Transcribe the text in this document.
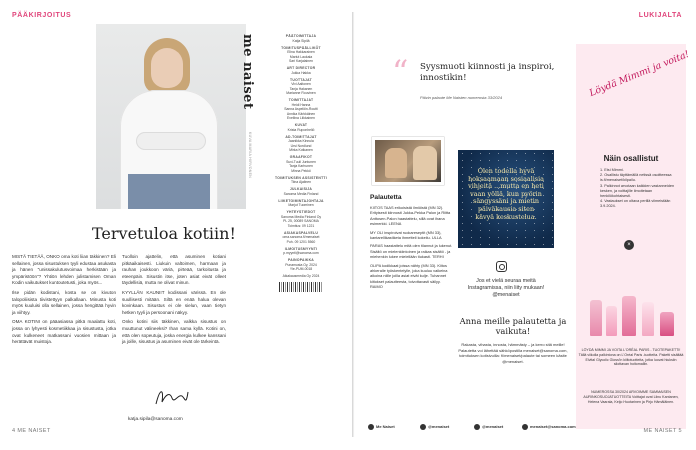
PÄÄKIRJOITUS
KUVA MARIA HIRVONEN
Tervetuloa kotiin!

MISTÄ TIETÄÄ, ONKO oma koti liian täkkinen? Eli sellainen, jossa sisustuksen tyyli edustaa asukasta ja hänen "unissakulutusvoimaa herkistään ja ympäristöön"? Yhtiön lehden julistamisen Oman Kodin vaikutukset kuntoutetusti, joka myös...

Ilse pidän kodistani, kosta se on kivuton talopoliisista tiivistettyyn palkallaan. Minusta koti myös kuuluisi olla sellainen, jossa hengittää hyvin ja viihtyy.

OMA KOTINI on pääasiassa pitkä maalattu koti, jossa on lyhyesti kosmetiikkaa ja sisustusta, jotka ovat kulkeneet matkassani vuosien mittaan ja herättävät muistoja.

Tuolloin ajattelin, että asuminen kotiani pitkäaikaisesti. Liukuin valtoimen, harmaan ja rauhan joukkoon väriä, pirteää, tarkoitusta ja eteenpäin. Sisustin itse, joten asiat eivät olleet täydellisiä, mutta ne olivat minun.

KYYLLÄN KAUNIIT kodissani värissä. En ole suullisesti mitään. Siltä en enää halua olevan kovinkaan. Sisustus ei ole sielun, vaan tietyn hetken tyyli ja persoonani näkyy.

Onko kotini siis täkkinen, valkka sisustus on muuttunut välineeksi? Ihan sama kyllä. Kotini on, että olen sopeutuja, joska energia kulkee kanssani ja joille, sisustus ja asuminen eivät ole tärkeintä.

katja.sipila@sanoma.com
me naiset	PÄÄTOIMITTAJA
Katja Sipilä
TOIMITUSPÄÄLLIKÖT
Elina Hakkarainen
Mariut Laukala
Sari Karjalainen
ART DIRECTOR
Jukka Hakka
TUOTTAJAT
Vivi Aaltonen
Tanja Hakanen
Marianne Rouvinen
TOIMITTAJAT
Heidi Hanna
Sanna Aspelöin-Routti
Annika Kärkkäinen
Eveliina Liikkainen
KUVAT
Krista Ruponheliö
AD-TOIMITTAJAT
Jaanikka Kinnula
Ursi Nordlund
Mirka Kotkanen
GRAAFIKOT
Suvi-Tuuli Juntunen
Tanja Karhunen
Minna Pekkö
TOIMITUKSEN ASSISTENTTI
Tiina Ajalinen
JULKAISIJA
Sanoma Media Finland
LIIKETOIMINTAJOHTAJA
Marjut Tuominen
YHTEYSTIEDOT
Sanoma Media Finland Oy
PL 25, 00089 SANOMA
Toimitus: 09 1221
ASIAKASPALVELU
oma.sanoma.fi/menaiset
Puh. 09 1201 5560
ILMOITUSMYYNTI
p.myynti@sanoma.com
PAINOPAIKKA
Punamusta Oy, 2024
Yle-PUM-0018
Aikakausmedia Oy 2024
4 ME NAISET
LUKIJALTA
“ Syysmuoti kiinnosti ja inspiroi, innostikin!
Päivin palaute Me Naisten numerosta 33/2024
Palautetta

KIITOS TAAS erikoisistä ilmiöistä (MN 32). Erityisesti kiinnosti Jukka-Pekka Palon ja Riitta Anttosen-Palon haastattelu, sillä ovat ihana esimerkki. LEENA

MY OLI inspiroivat ruokareseptit (MN 33), kantarellikastiketa ihmetteli kokeilu. ULLA

PARAS haastattelu mitä olen tilannut ja lukenut. Sisältö on mielenkiintoinen ja raikas sisältö - ja miehenkin lukee mielellään tiukasti. TERHI

OLIPA kodikkaat joissa nähty (MN 33). Kiitos ahkeralle työskentelylle, joka kuuluu vaikeina aikoina niille joilla asiat eivät kulje. Tuhannet kiitokset palautteesta, toivottavasti säilyy. RAIMO

Olen todella hyvä hoksaamaan sosiaalisia vihjeitä ...mutta en heti vaan yöllä, kun pyörin sängyssäni ja mietin päiväkausia siten kävyä keskustelua.
Jos et vielä seuraa meitä Instagramissa, niin liity mukaan! @menaiset
Anna meille palautetta ja vaikuta!
Rakasta, vihasta, innosta, hämmästy – ja kerro sitä meille! Palautetta voi lähettää sähköpostilla menaiset@sanoma.com, toimituksen kotisivuilla: fi/menaiset/palaute tai someen käsite @menaiset.
Me Naiset	@menaiset	@menaiset	menaiset@sanoma.com
Löydä Mimmi ja voita!
Näin osallistut
1. Etsi Mimmi.
2. Osallistu täyttämällä netissä osoitteessa is.fi/menaiset/kilpailu.
3. Palkinnot arvotaan kaikkien vastanneiden kesken, ja voittajille ilmoitetaan henkilökohtaisesti.
4. Vastaukset on oltava perillä viimeistään 3.9.2024.
×
LÖYDÄ MIMMI JA VOITA L'ORÉAL PARIS - TUOTEPAKETTI! Tällä viikolla palkintona on L'Oréal Paris -tuotteita. Paketti sisältää Elvital Glycolic Gloss'in kiiltotuotteita, jotka luovat hiuksiin silottavan hoitomallin.
NUMEROSSA 30/2024 ARVOIMME SAMMAISEN AURINKOSUOJATUOTTEITA Voittajat ovat Liinu Kantanen, Helena Vaarala, Keijo Huotarinen ja Pirjo Hämäläinen.
ME NAISET 5
